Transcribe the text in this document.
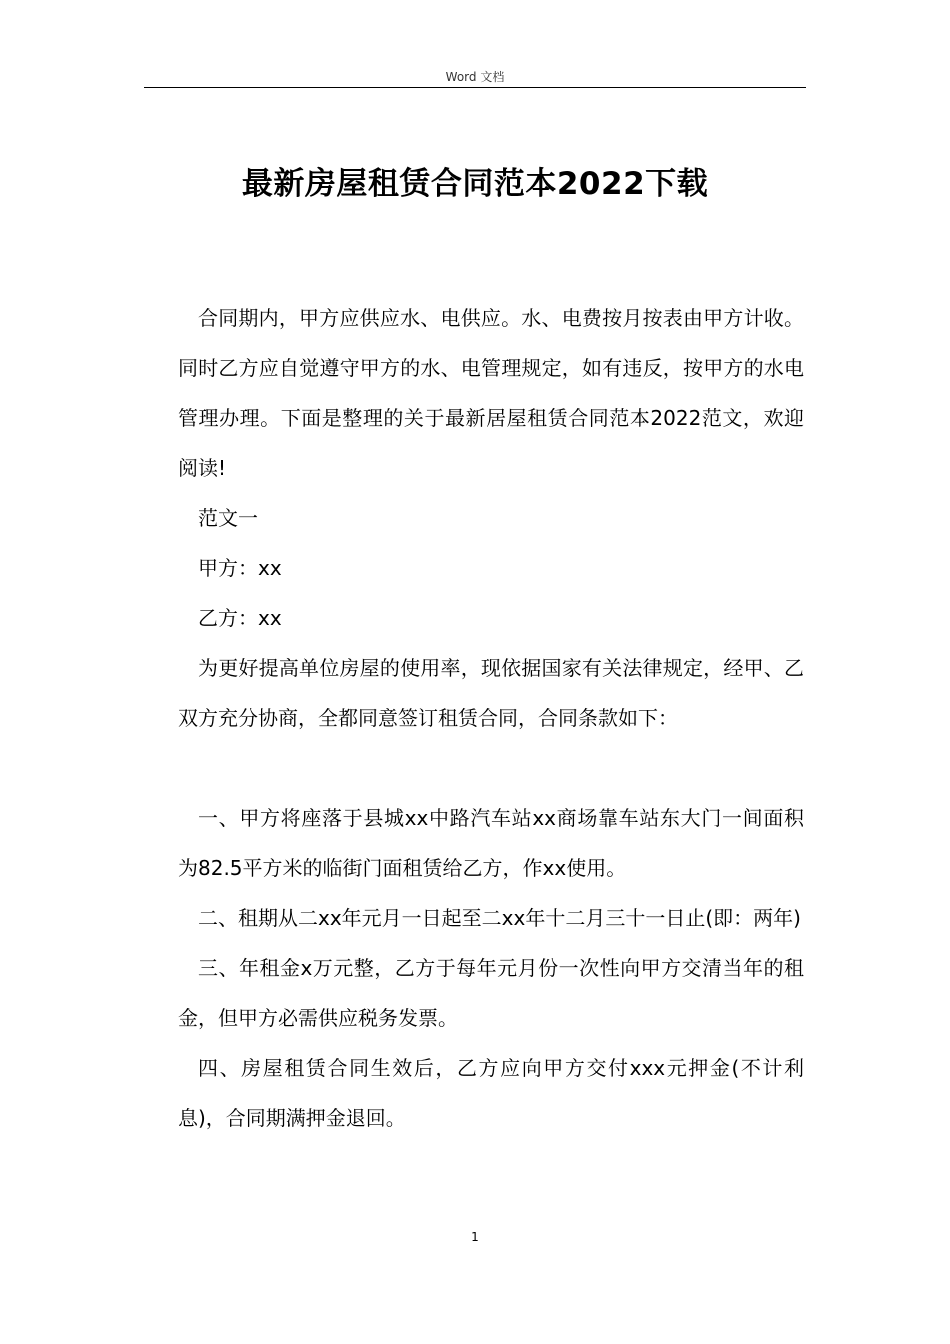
Word 文档
最新房屋租赁合同范本2022下载

合同期内，甲方应供应水、电供应。水、电费按月按表由甲方计收。同时乙方应自觉遵守甲方的水、电管理规定，如有违反，按甲方的水电管理办理。下面是整理的关于最新居屋租赁合同范本2022范文，欢迎阅读!

范文一

甲方：xx

乙方：xx

为更好提高单位房屋的使用率，现依据国家有关法律规定，经甲、乙双方充分协商，全都同意签订租赁合同，合同条款如下：

一、甲方将座落于县城xx中路汽车站xx商场靠车站东大门一间面积为82.5平方米的临街门面租赁给乙方，作xx使用。

二、租期从二xx年元月一日起至二xx年十二月三十一日止(即：两年)

三、年租金x万元整，乙方于每年元月份一次性向甲方交清当年的租金，但甲方必需供应税务发票。

四、房屋租赁合同生效后，乙方应向甲方交付xxx元押金(不计利息)，合同期满押金退回。

1
